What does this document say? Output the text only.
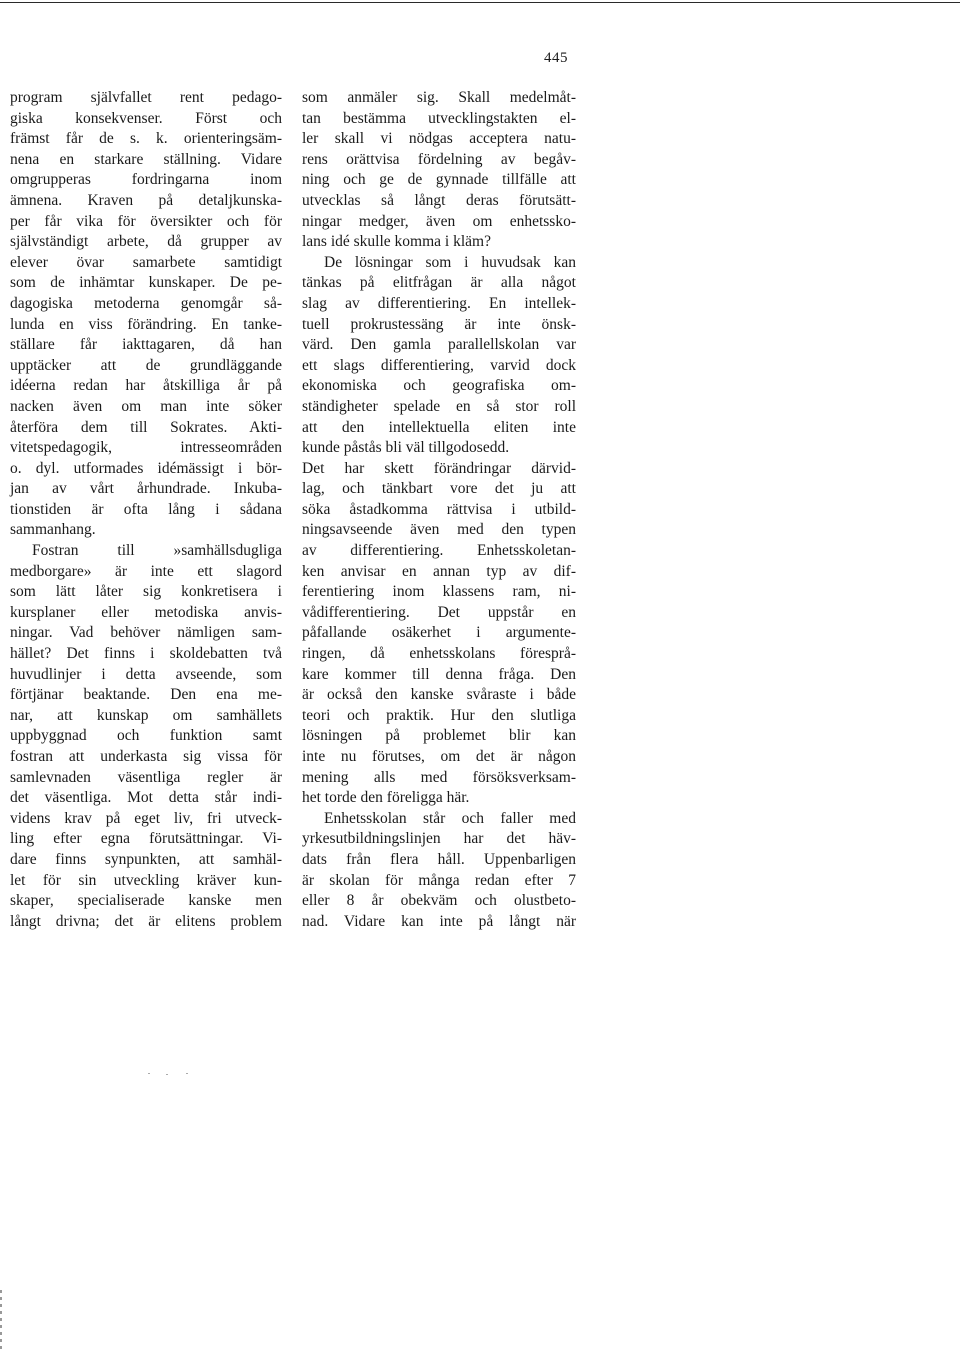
445
program självfallet rent pedago-
giska konsekvenser. Först och
främst får de s. k. orienteringsäm-
nena en starkare ställning. Vidare
omgrupperas fordringarna inom
ämnena. Kraven på detaljkunska-
per får vika för översikter och för
självständigt arbete, då grupper av
elever övar samarbete samtidigt
som de inhämtar kunskaper. De pe-
dagogiska metoderna genomgår så-
lunda en viss förändring. En tanke-
ställare får iakttagaren, då han
upptäcker att de grundläggande
idéerna redan har åtskilliga år på
nacken även om man inte söker
återföra dem till Sokrates. Akti-
vitetspedagogik, intresseområden
o. dyl. utformades idémässigt i bör-
jan av vårt århundrade. Inkuba-
tionstiden är ofta lång i sådana
sammanhang.
Fostran till »samhällsdugliga
medborgare» är inte ett slagord
som lätt låter sig konkretisera i
kursplaner eller metodiska anvis-
ningar. Vad behöver nämligen sam-
hället? Det finns i skoldebatten två
huvudlinjer i detta avseende, som
förtjänar beaktande. Den ena me-
nar, att kunskap om samhällets
uppbyggnad och funktion samt
fostran att underkasta sig vissa för
samlevnaden väsentliga regler är
det väsentliga. Mot detta står indi-
videns krav på eget liv, fri utveck-
ling efter egna förutsättningar. Vi-
dare finns synpunkten, att samhäl-
let för sin utveckling kräver kun-
skaper, specialiserade kanske men
långt drivna; det är elitens problem
som anmäler sig. Skall medelmåt-
tan bestämma utvecklingstakten el-
ler skall vi nödgas acceptera natu-
rens orättvisa fördelning av begåv-
ning och ge de gynnade tillfälle att
utvecklas så långt deras förutsätt-
ningar medger, även om enhetssko-
lans idé skulle komma i kläm?
De lösningar som i huvudsak kan
tänkas på elitfrågan är alla något
slag av differentiering. En intellek-
tuell prokrustessäng är inte önsk-
värd. Den gamla parallellskolan var
ett slags differentiering, varvid dock
ekonomiska och geografiska om-
ständigheter spelade en så stor roll
att den intellektuella eliten inte
kunde påstås bli väl tillgodosedd.
Det har skett förändringar därvid-
lag, och tänkbart vore det ju att
söka åstadkomma rättvisa i utbild-
ningsavseende även med den typen
av differentiering. Enhetsskoletan-
ken anvisar en annan typ av dif-
ferentiering inom klassens ram, ni-
vådifferentiering. Det uppstår en
påfallande osäkerhet i argumente-
ringen, då enhetsskolans föresprå-
kare kommer till denna fråga. Den
är också den kanske svåraste i både
teori och praktik. Hur den slutliga
lösningen på problemet blir kan
inte nu förutses, om det är någon
mening alls med försöksverksam-
het torde den föreligga här.
Enhetsskolan står och faller med
yrkesutbildningslinjen har det häv-
dats från flera håll. Uppenbarligen
är skolan för många redan efter 7
eller 8 år obekväm och olustbeto-
nad. Vidare kan inte på långt när
